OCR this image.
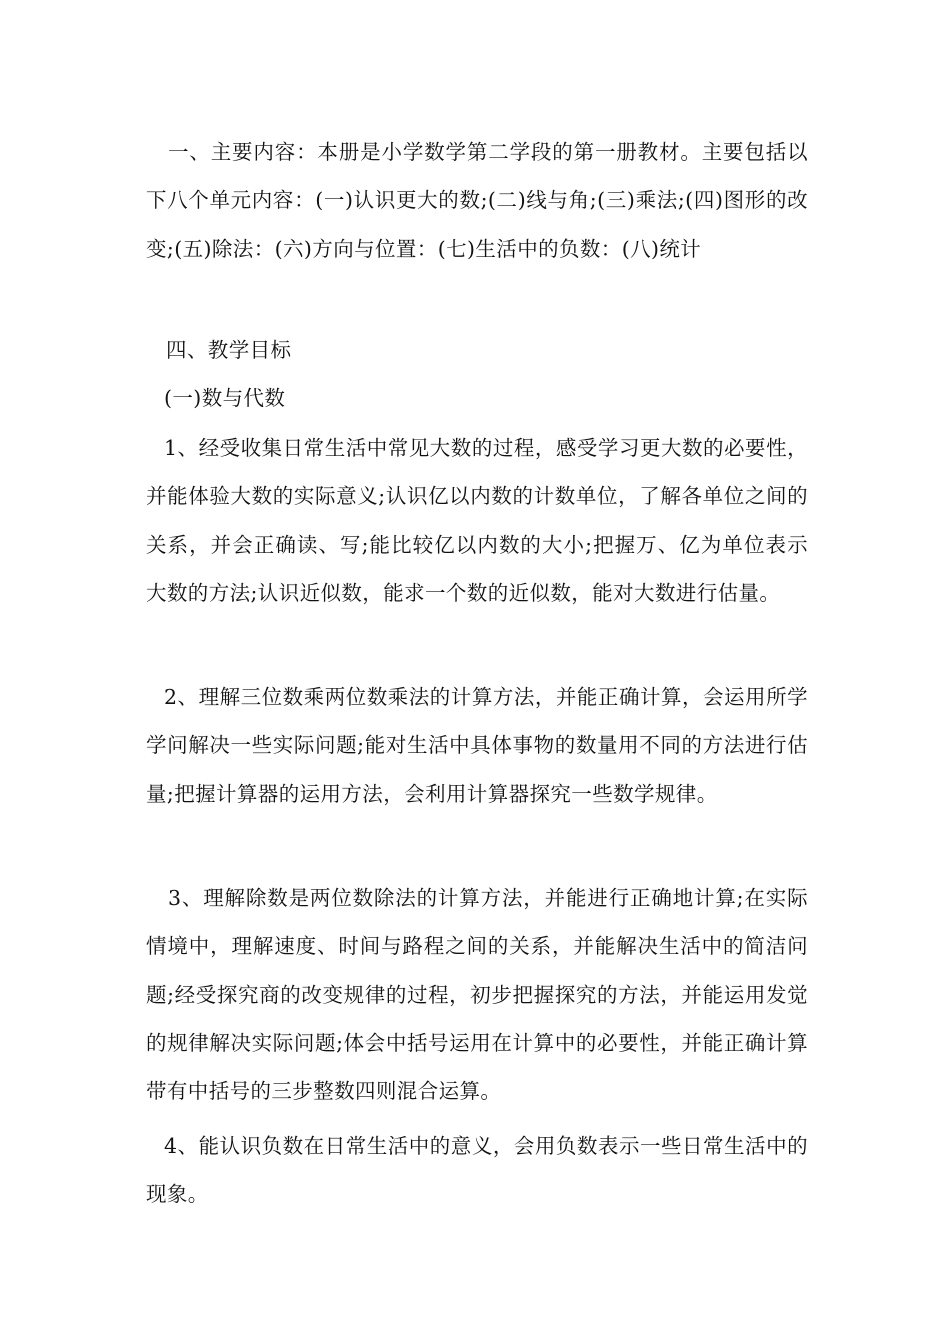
一、主要内容：本册是小学数学第二学段的第一册教材。主要包括以下八个单元内容：(一)认识更大的数;(二)线与角;(三)乘法;(四)图形的改变;(五)除法：(六)方向与位置：(七)生活中的负数：(八)统计

四、教学目标

(一)数与代数

1、经受收集日常生活中常见大数的过程，感受学习更大数的必要性，并能体验大数的实际意义;认识亿以内数的计数单位，了解各单位之间的关系，并会正确读、写;能比较亿以内数的大小;把握万、亿为单位表示大数的方法;认识近似数，能求一个数的近似数，能对大数进行估量。

2、理解三位数乘两位数乘法的计算方法，并能正确计算，会运用所学学问解决一些实际问题;能对生活中具体事物的数量用不同的方法进行估量;把握计算器的运用方法，会利用计算器探究一些数学规律。

3、理解除数是两位数除法的计算方法，并能进行正确地计算;在实际情境中，理解速度、时间与路程之间的关系，并能解决生活中的简洁问题;经受探究商的改变规律的过程，初步把握探究的方法，并能运用发觉的规律解决实际问题;体会中括号运用在计算中的必要性，并能正确计算带有中括号的三步整数四则混合运算。

4、能认识负数在日常生活中的意义，会用负数表示一些日常生活中的现象。
